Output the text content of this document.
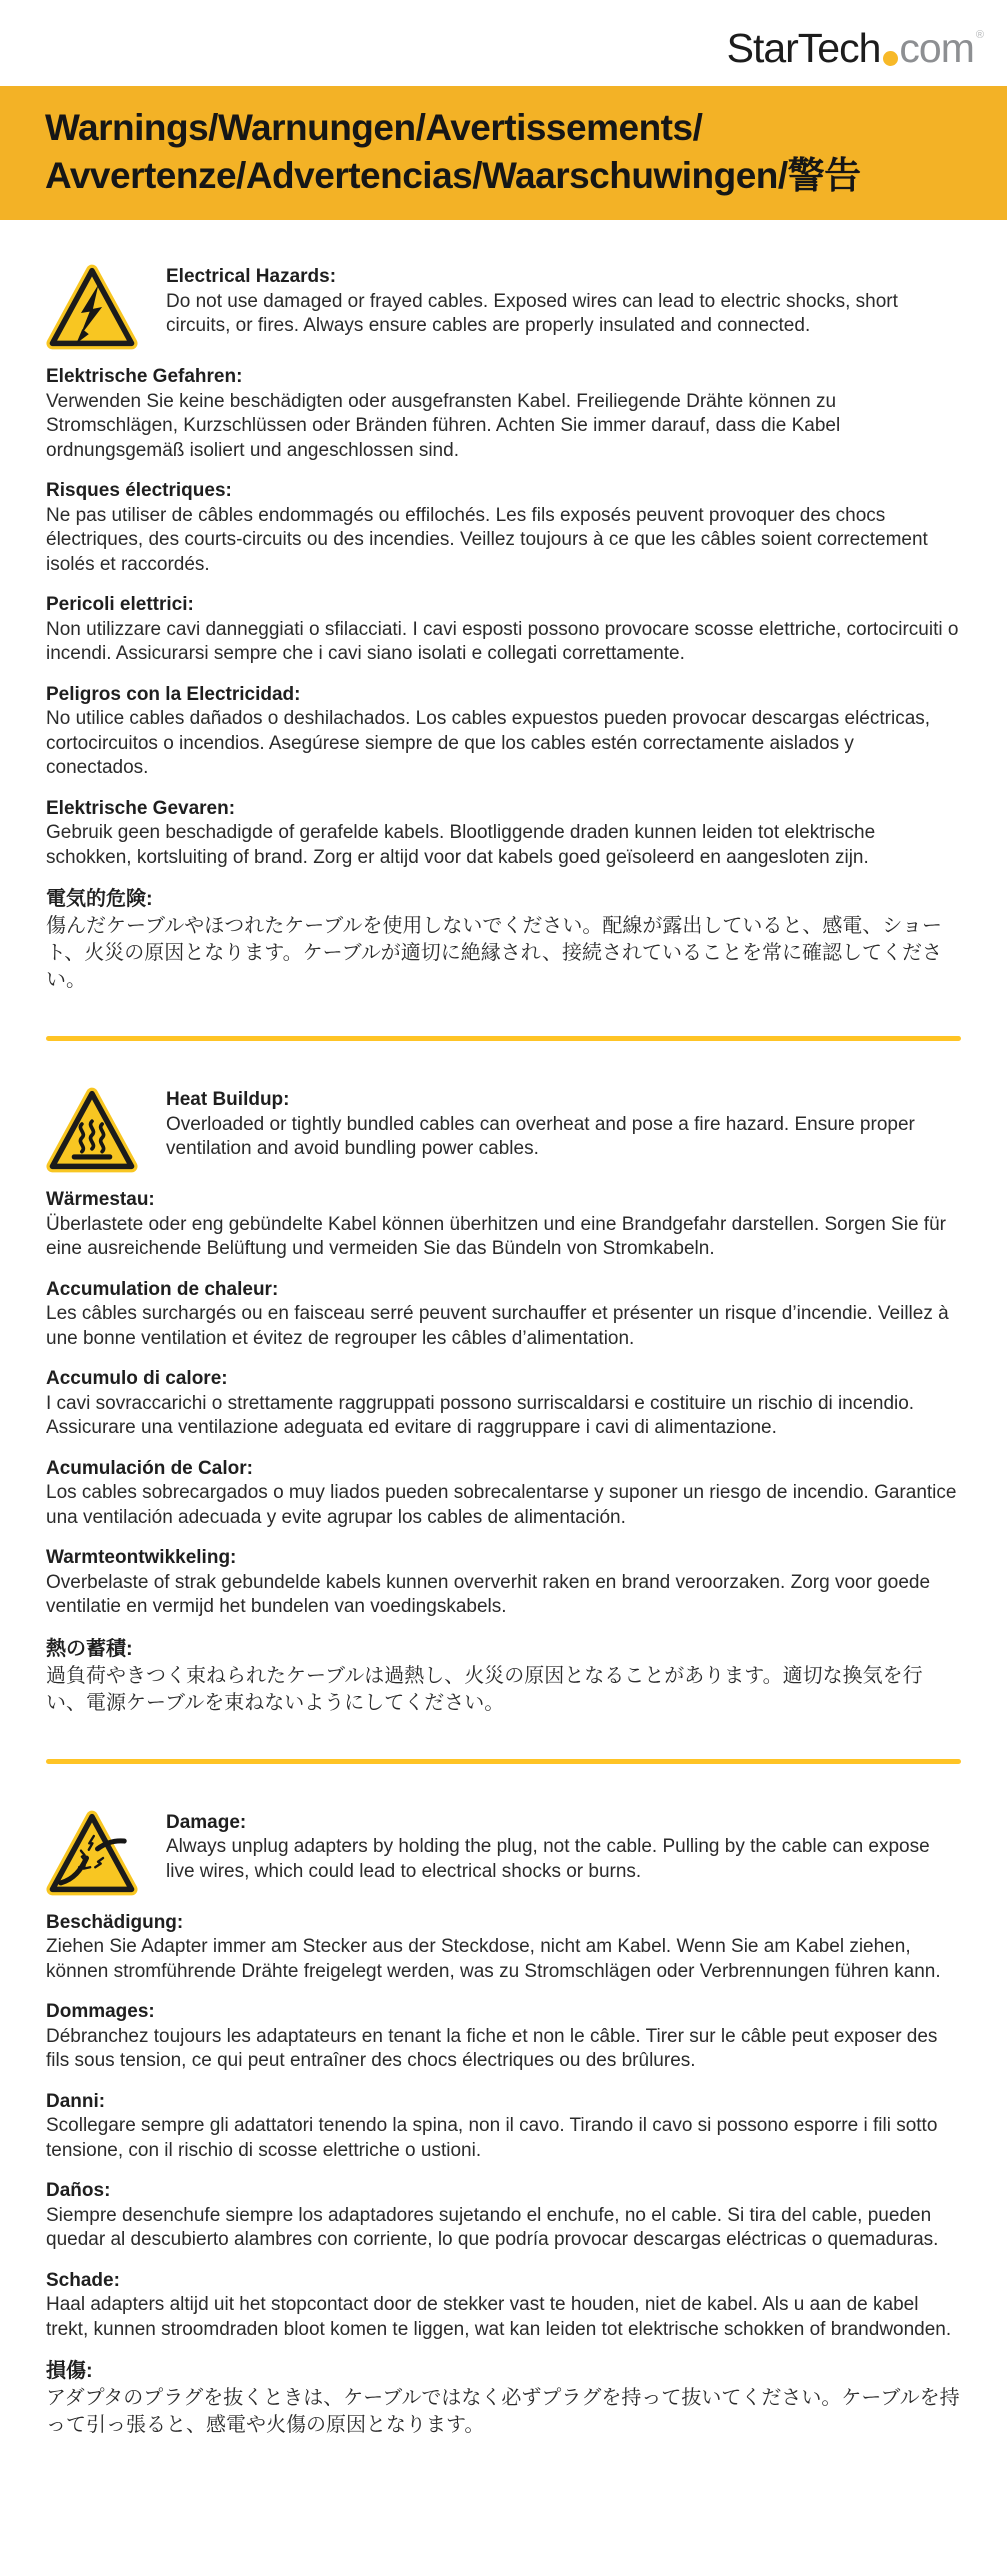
StarTech com ®
Warnings/Warnungen/Avertissements/
Avvertenze/Advertencias/Waarschuwingen/警告
Electrical Hazards:
Do not use damaged or frayed cables. Exposed wires can lead to electric shocks, short circuits, or fires. Always ensure cables are properly insulated and connected.
Elektrische Gefahren:
Verwenden Sie keine beschädigten oder ausgefransten Kabel. Freiliegende Drähte können zu Stromschlägen, Kurzschlüssen oder Bränden führen. Achten Sie immer darauf, dass die Kabel ordnungsgemäß isoliert und angeschlossen sind.
Risques électriques:
Ne pas utiliser de câbles endommagés ou effilochés. Les fils exposés peuvent provoquer des chocs électriques, des courts-circuits ou des incendies. Veillez toujours à ce que les câbles soient correctement isolés et raccordés.
Pericoli elettrici:
Non utilizzare cavi danneggiati o sfilacciati. I cavi esposti possono provocare scosse elettriche, cortocircuiti o incendi. Assicurarsi sempre che i cavi siano isolati e collegati correttamente.
Peligros con la Electricidad:
No utilice cables dañados o deshilachados. Los cables expuestos pueden provocar descargas eléctricas, cortocircuitos o incendios. Asegúrese siempre de que los cables estén correctamente aislados y conectados.
Elektrische Gevaren:
Gebruik geen beschadigde of gerafelde kabels. Blootliggende draden kunnen leiden tot elektrische schokken, kortsluiting of brand. Zorg er altijd voor dat kabels goed geïsoleerd en aangesloten zijn.
電気的危険:
傷んだケーブルやほつれたケーブルを使用しないでください。配線が露出していると、感電、ショート、火災の原因となります。ケーブルが適切に絶縁され、接続されていることを常に確認してください。
Heat Buildup:
Overloaded or tightly bundled cables can overheat and pose a fire hazard. Ensure proper ventilation and avoid bundling power cables.
Wärmestau:
Überlastete oder eng gebündelte Kabel können überhitzen und eine Brandgefahr darstellen. Sorgen Sie für eine ausreichende Belüftung und vermeiden Sie das Bündeln von Stromkabeln.
Accumulation de chaleur:
Les câbles surchargés ou en faisceau serré peuvent surchauffer et présenter un risque d’incendie. Veillez à une bonne ventilation et évitez de regrouper les câbles d’alimentation.
Accumulo di calore:
I cavi sovraccarichi o strettamente raggruppati possono surriscaldarsi e costituire un rischio di incendio. Assicurare una ventilazione adeguata ed evitare di raggruppare i cavi di alimentazione.
Acumulación de Calor:
Los cables sobrecargados o muy liados pueden sobrecalentarse y suponer un riesgo de incendio. Garantice una ventilación adecuada y evite agrupar los cables de alimentación.
Warmteontwikkeling:
Overbelaste of strak gebundelde kabels kunnen oververhit raken en brand veroorzaken. Zorg voor goede ventilatie en vermijd het bundelen van voedingskabels.
熱の蓄積:
過負荷やきつく束ねられたケーブルは過熱し、火災の原因となることがあります。適切な換気を行い、電源ケーブルを束ねないようにしてください。
Damage:
Always unplug adapters by holding the plug, not the cable. Pulling by the cable can expose live wires, which could lead to electrical shocks or burns.
Beschädigung:
Ziehen Sie Adapter immer am Stecker aus der Steckdose, nicht am Kabel. Wenn Sie am Kabel ziehen, können stromführende Drähte freigelegt werden, was zu Stromschlägen oder Verbrennungen führen kann.
Dommages:
Débranchez toujours les adaptateurs en tenant la fiche et non le câble. Tirer sur le câble peut exposer des fils sous tension, ce qui peut entraîner des chocs électriques ou des brûlures.
Danni:
Scollegare sempre gli adattatori tenendo la spina, non il cavo. Tirando il cavo si possono esporre i fili sotto tensione, con il rischio di scosse elettriche o ustioni.
Daños:
Siempre desenchufe siempre los adaptadores sujetando el enchufe, no el cable. Si tira del cable, pueden quedar al descubierto alambres con corriente, lo que podría provocar descargas eléctricas o quemaduras.
Schade:
Haal adapters altijd uit het stopcontact door de stekker vast te houden, niet de kabel. Als u aan de kabel trekt, kunnen stroomdraden bloot komen te liggen, wat kan leiden tot elektrische schokken of brandwonden.
損傷:
アダプタのプラグを抜くときは、ケーブルではなく必ずプラグを持って抜いてください。ケーブルを持って引っ張ると、感電や火傷の原因となります。
